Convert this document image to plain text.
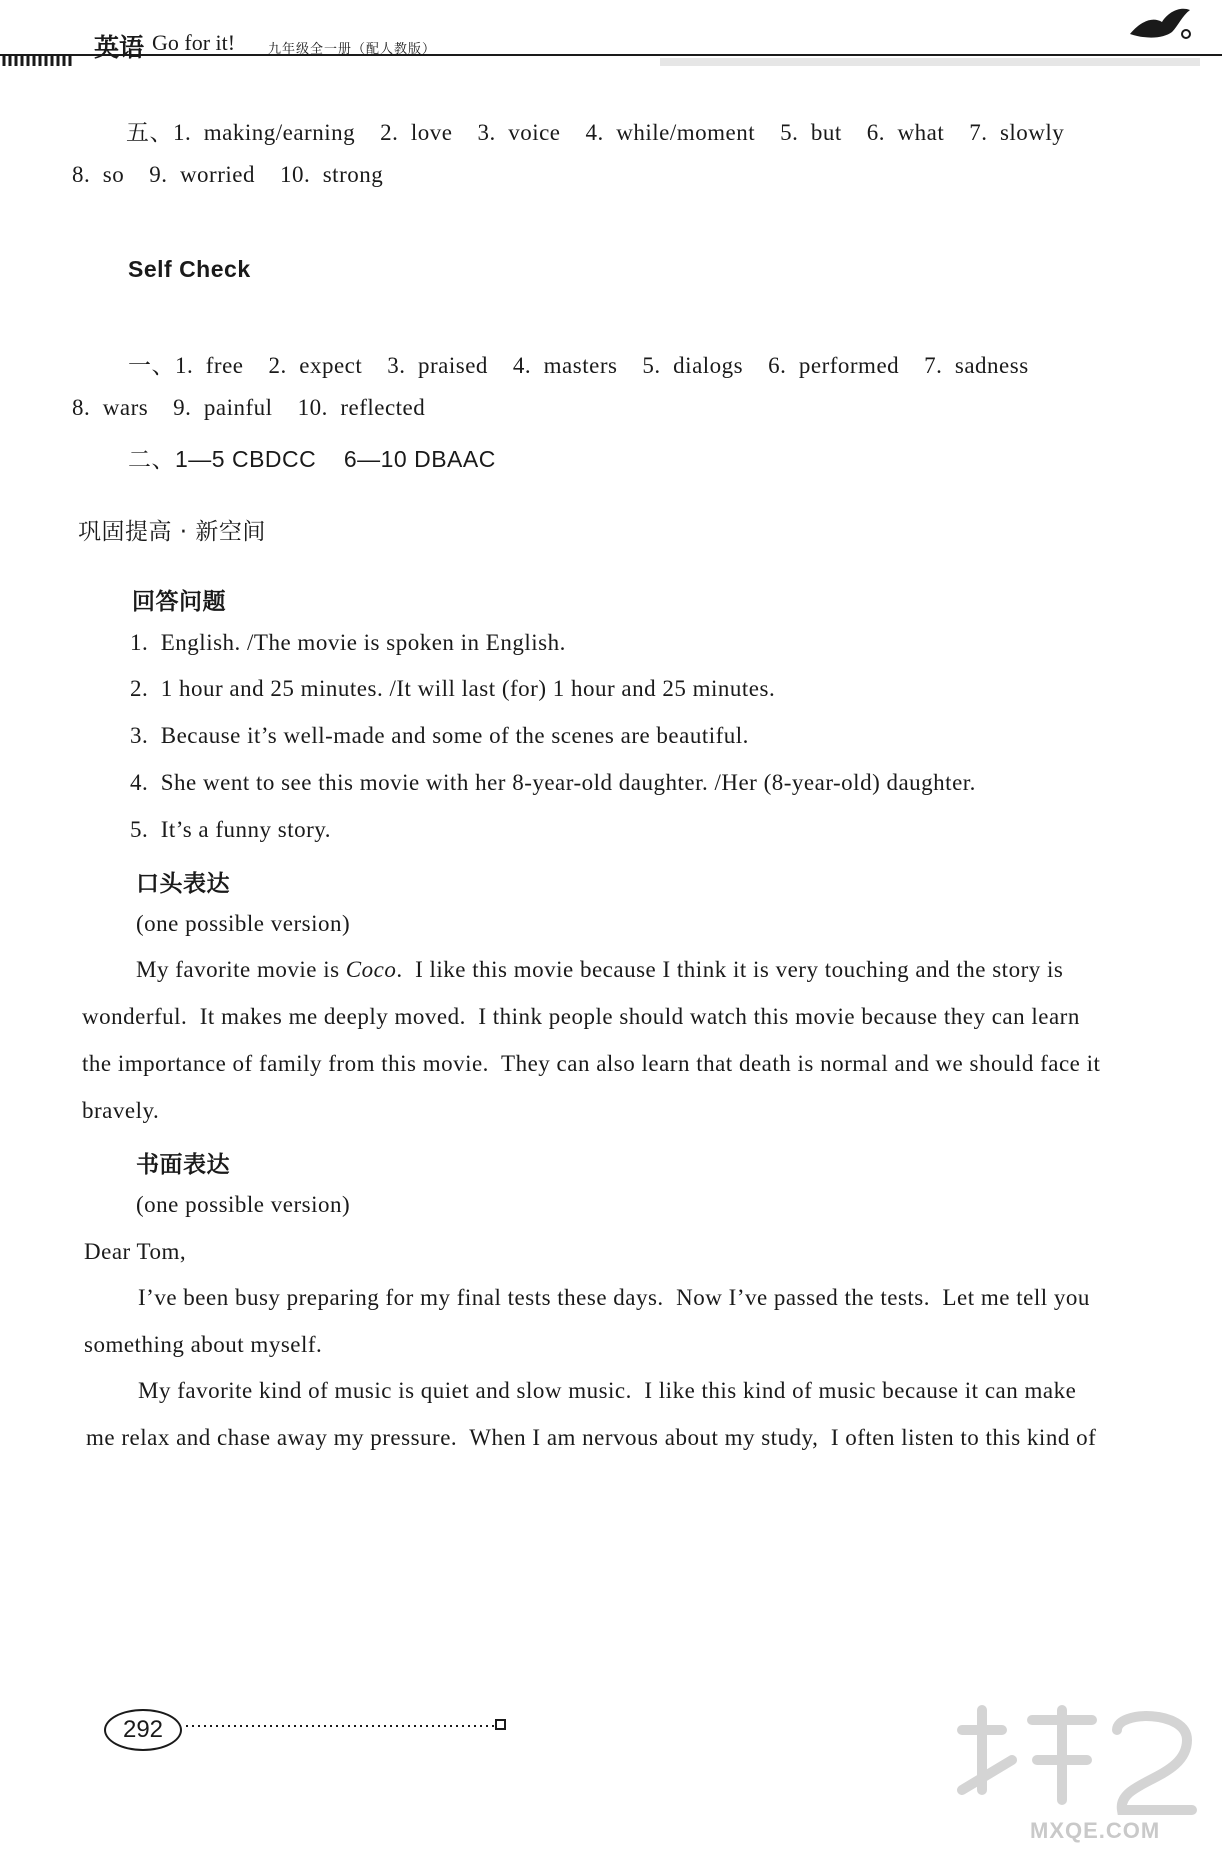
英语 Go for it!	九年级全一册（配人教版）
五、1.  making/earning    2.  love    3.  voice    4.  while/moment    5.  but    6.  what    7.  slowly
8.  so    9.  worried    10.  strong
Self Check
一、1.  free    2.  expect    3.  praised    4.  masters    5.  dialogs    6.  performed    7.  sadness
8.  wars    9.  painful    10.  reflected
二、1—5 CBDCC    6—10 DBAAC
巩固提高 · 新空间
回答问题
1.  English. /The movie is spoken in English.
2.  1 hour and 25 minutes. /It will last (for) 1 hour and 25 minutes.
3.  Because it’s well-made and some of the scenes are beautiful.
4.  She went to see this movie with her 8-year-old daughter. /Her (8-year-old) daughter.
5.  It’s a funny story.
口头表达
(one possible version)
My favorite movie is Coco.  I like this movie because I think it is very touching and the story is
wonderful.  It makes me deeply moved.  I think people should watch this movie because they can learn
the importance of family from this movie.  They can also learn that death is normal and we should face it
bravely.
书面表达
(one possible version)
Dear Tom,
I’ve been busy preparing for my final tests these days.  Now I’ve passed the tests.  Let me tell you
something about myself.
My favorite kind of music is quiet and slow music.  I like this kind of music because it can make
me relax and chase away my pressure.  When I am nervous about my study,  I often listen to this kind of
292
MXQE.COM
